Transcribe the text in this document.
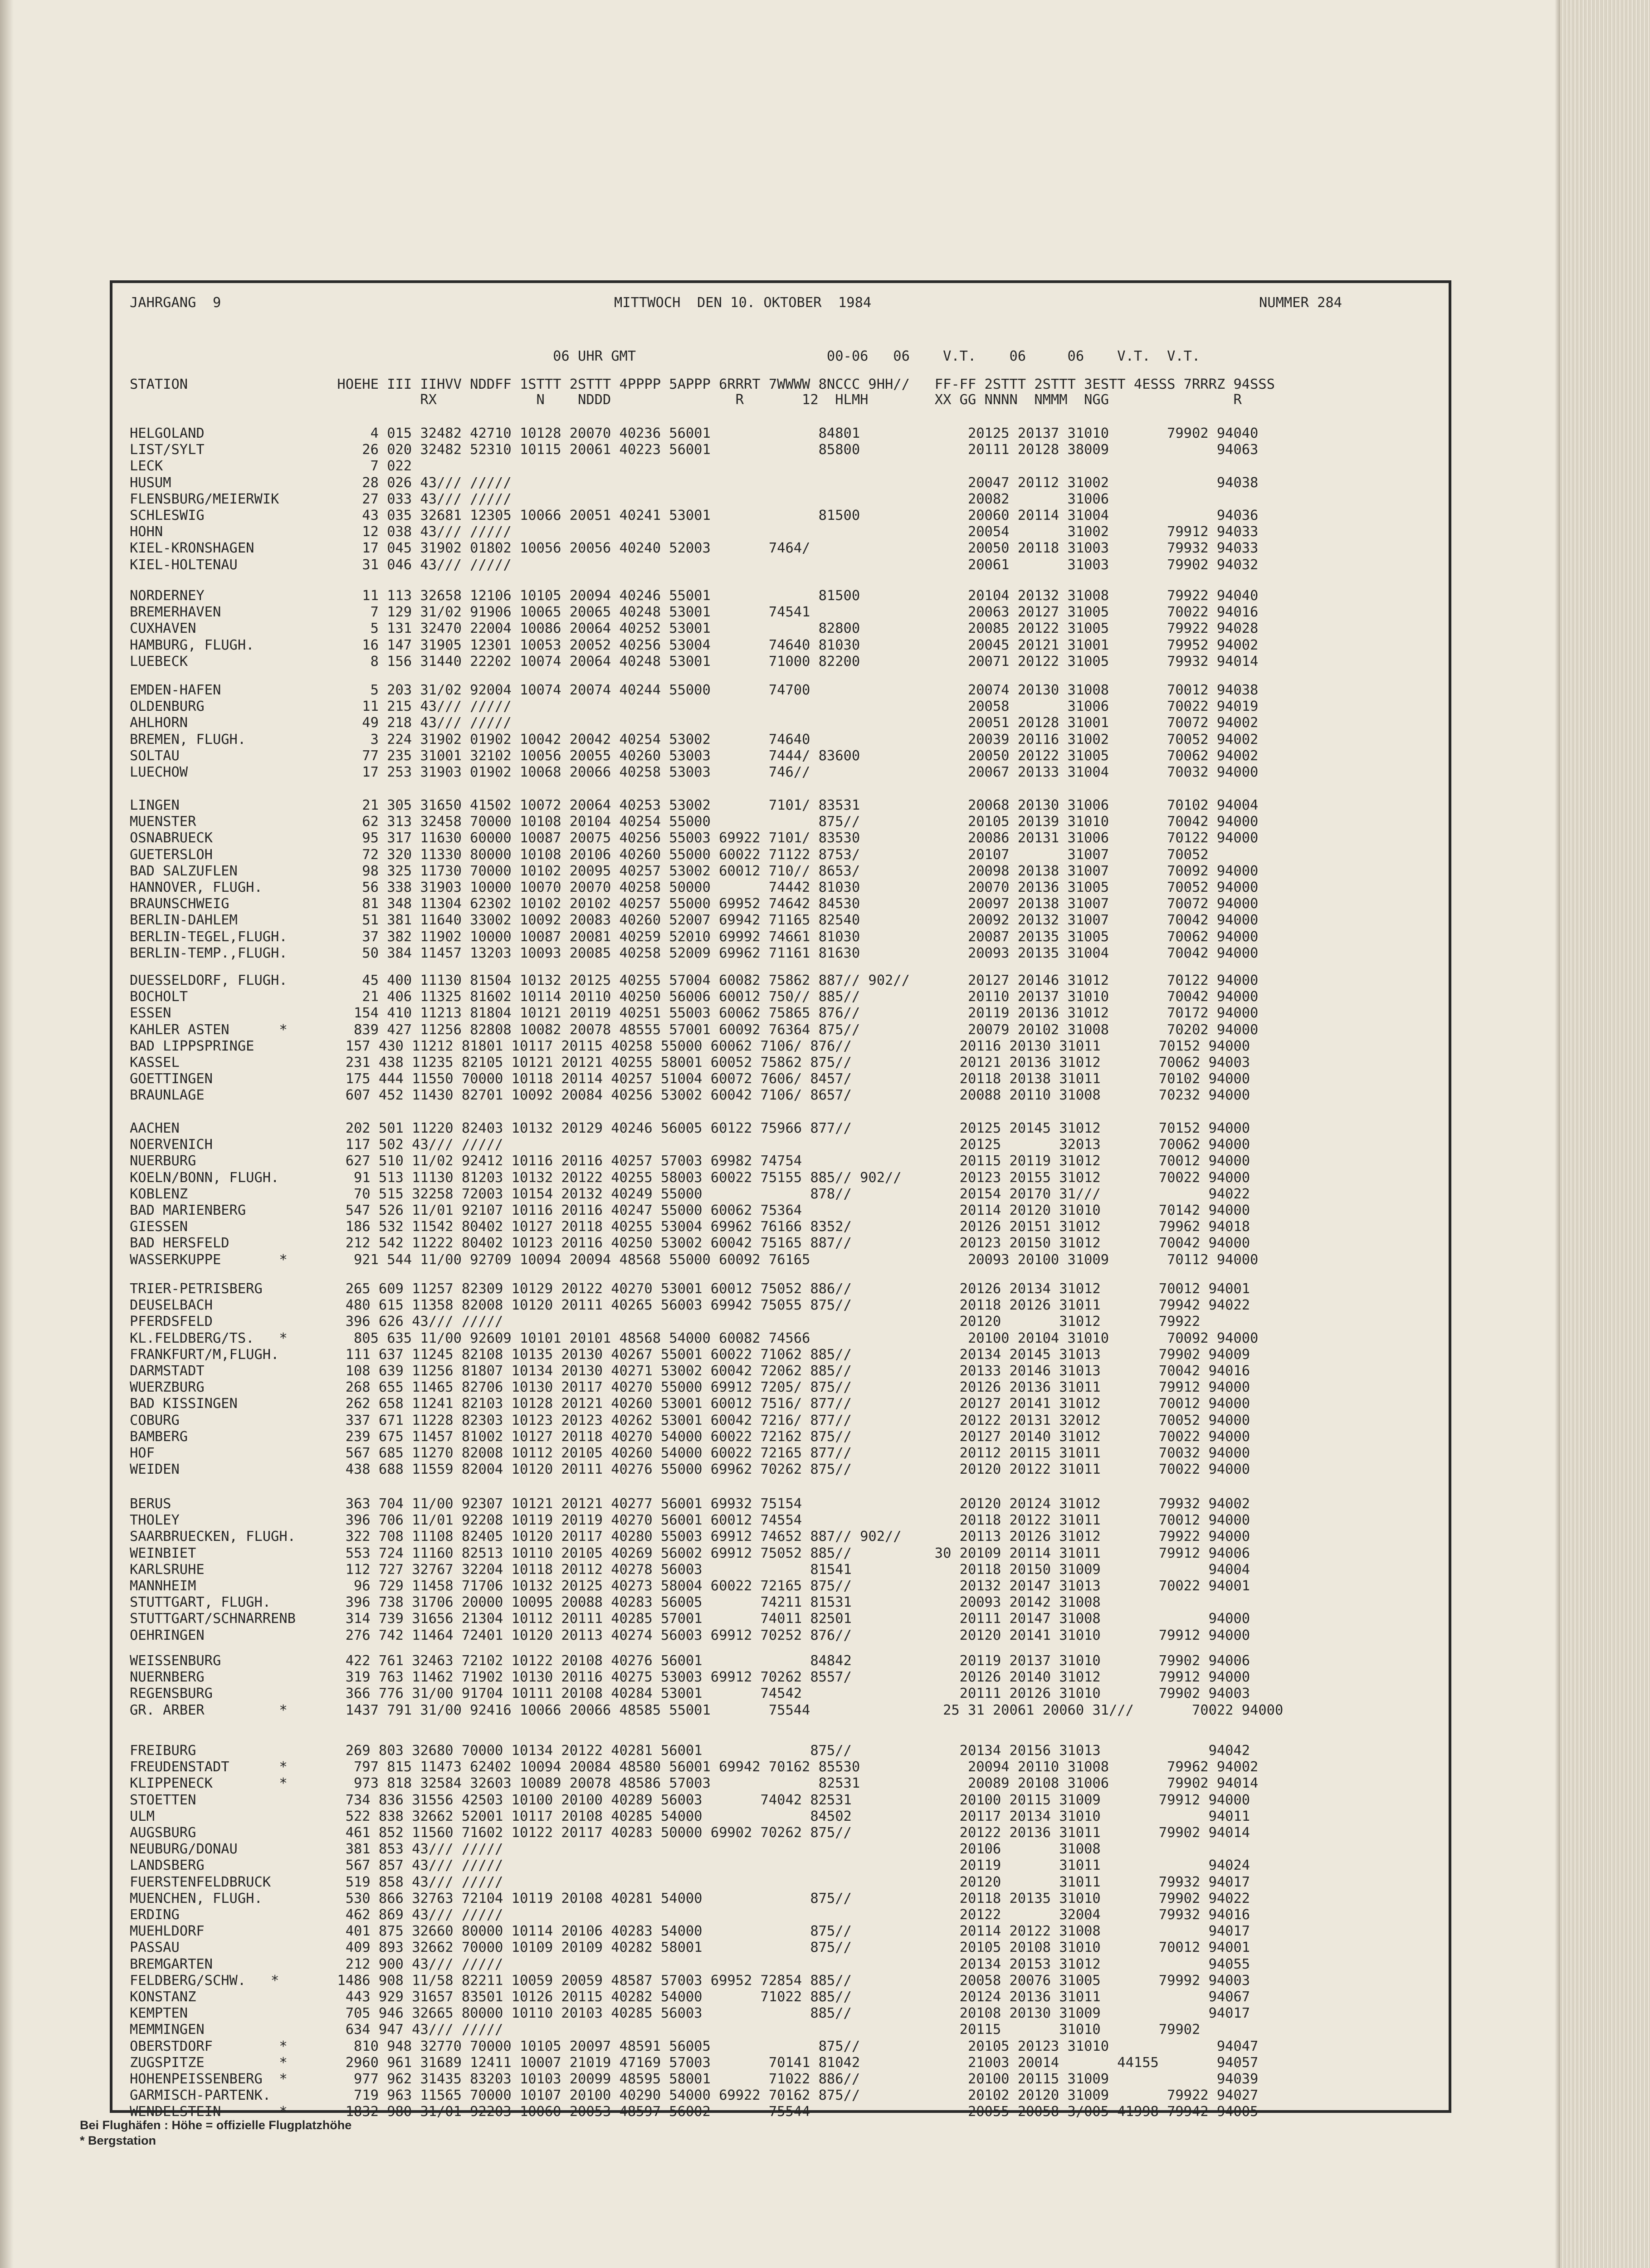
JAHRGANG  9	MITTWOCH  DEN 10. OKTOBER  1984	NUMMER 284
06 UHR GMT                       00-06   06    V.T.    06     06    V.T.  V.T.
STATION                  HOEHE III IIHVV NDDFF 1STTT 2STTT 4PPPP 5APPP 6RRRT 7WWWW 8NCCC 9HH//   FF-FF 2STTT 2STTT 3ESTT 4ESSS 7RRRZ 94SSS
RX            N    NDDD               R       12  HLMH        XX GG NNNN  NMMM  NGG               R
HELGOLAND                    4 015 32482 42710 10128 20070 40236 56001             84801             20125 20137 31010       79902 94040
LIST/SYLT                   26 020 32482 52310 10115 20061 40223 56001             85800             20111 20128 38009             94063
LECK                         7 022
HUSUM                       28 026 43/// /////                                                       20047 20112 31002             94038
FLENSBURG/MEIERWIK          27 033 43/// /////                                                       20082       31006
SCHLESWIG                   43 035 32681 12305 10066 20051 40241 53001             81500             20060 20114 31004             94036
HOHN                        12 038 43/// /////                                                       20054       31002       79912 94033
KIEL-KRONSHAGEN             17 045 31902 01802 10056 20056 40240 52003       7464/                   20050 20118 31003       79932 94033
KIEL-HOLTENAU               31 046 43/// /////                                                       20061       31003       79902 94032
NORDERNEY                   11 113 32658 12106 10105 20094 40246 55001             81500             20104 20132 31008       79922 94040
BREMERHAVEN                  7 129 31/02 91906 10065 20065 40248 53001       74541                   20063 20127 31005       70022 94016
CUXHAVEN                     5 131 32470 22004 10086 20064 40252 53001             82800             20085 20122 31005       79922 94028
HAMBURG, FLUGH.             16 147 31905 12301 10053 20052 40256 53004       74640 81030             20045 20121 31001       79952 94002
LUEBECK                      8 156 31440 22202 10074 20064 40248 53001       71000 82200             20071 20122 31005       79932 94014
EMDEN-HAFEN                  5 203 31/02 92004 10074 20074 40244 55000       74700                   20074 20130 31008       70012 94038
OLDENBURG                   11 215 43/// /////                                                       20058       31006       70022 94019
AHLHORN                     49 218 43/// /////                                                       20051 20128 31001       70072 94002
BREMEN, FLUGH.               3 224 31902 01902 10042 20042 40254 53002       74640                   20039 20116 31002       70052 94002
SOLTAU                      77 235 31001 32102 10056 20055 40260 53003       7444/ 83600             20050 20122 31005       70062 94002
LUECHOW                     17 253 31903 01902 10068 20066 40258 53003       746//                   20067 20133 31004       70032 94000
LINGEN                      21 305 31650 41502 10072 20064 40253 53002       7101/ 83531             20068 20130 31006       70102 94004
MUENSTER                    62 313 32458 70000 10108 20104 40254 55000             875//             20105 20139 31010       70042 94000
OSNABRUECK                  95 317 11630 60000 10087 20075 40256 55003 69922 7101/ 83530             20086 20131 31006       70122 94000
GUETERSLOH                  72 320 11330 80000 10108 20106 40260 55000 60022 71122 8753/             20107       31007       70052
BAD SALZUFLEN               98 325 11730 70000 10102 20095 40257 53002 60012 710// 8653/             20098 20138 31007       70092 94000
HANNOVER, FLUGH.            56 338 31903 10000 10070 20070 40258 50000       74442 81030             20070 20136 31005       70052 94000
BRAUNSCHWEIG                81 348 11304 62302 10102 20102 40257 55000 69952 74642 84530             20097 20138 31007       70072 94000
BERLIN-DAHLEM               51 381 11640 33002 10092 20083 40260 52007 69942 71165 82540             20092 20132 31007       70042 94000
BERLIN-TEGEL,FLUGH.         37 382 11902 10000 10087 20081 40259 52010 69992 74661 81030             20087 20135 31005       70062 94000
BERLIN-TEMP.,FLUGH.         50 384 11457 13203 10093 20085 40258 52009 69962 71161 81630             20093 20135 31004       70042 94000
DUESSELDORF, FLUGH.         45 400 11130 81504 10132 20125 40255 57004 60082 75862 887// 902//       20127 20146 31012       70122 94000
BOCHOLT                     21 406 11325 81602 10114 20110 40250 56006 60012 750// 885//             20110 20137 31010       70042 94000
ESSEN                      154 410 11213 81804 10121 20119 40251 55003 60062 75865 876//             20119 20136 31012       70172 94000
KAHLER ASTEN      *        839 427 11256 82808 10082 20078 48555 57001 60092 76364 875//             20079 20102 31008       70202 94000
BAD LIPPSPRINGE           157 430 11212 81801 10117 20115 40258 55000 60062 7106/ 876//             20116 20130 31011       70152 94000
KASSEL                    231 438 11235 82105 10121 20121 40255 58001 60052 75862 875//             20121 20136 31012       70062 94003
GOETTINGEN                175 444 11550 70000 10118 20114 40257 51004 60072 7606/ 8457/             20118 20138 31011       70102 94000
BRAUNLAGE                 607 452 11430 82701 10092 20084 40256 53002 60042 7106/ 8657/             20088 20110 31008       70232 94000
AACHEN                    202 501 11220 82403 10132 20129 40246 56005 60122 75966 877//             20125 20145 31012       70152 94000
NOERVENICH                117 502 43/// /////                                                       20125       32013       70062 94000
NUERBURG                  627 510 11/02 92412 10116 20116 40257 57003 69982 74754                   20115 20119 31012       70012 94000
KOELN/BONN, FLUGH.         91 513 11130 81203 10132 20122 40255 58003 60022 75155 885// 902//       20123 20155 31012       70022 94000
KOBLENZ                    70 515 32258 72003 10154 20132 40249 55000             878//             20154 20170 31///             94022
BAD MARIENBERG            547 526 11/01 92107 10116 20116 40247 55000 60062 75364                   20114 20120 31010       70142 94000
GIESSEN                   186 532 11542 80402 10127 20118 40255 53004 69962 76166 8352/             20126 20151 31012       79962 94018
BAD HERSFELD              212 542 11222 80402 10123 20116 40250 53002 60042 75165 887//             20123 20150 31012       70042 94000
WASSERKUPPE       *        921 544 11/00 92709 10094 20094 48568 55000 60092 76165                   20093 20100 31009       70112 94000
TRIER-PETRISBERG          265 609 11257 82309 10129 20122 40270 53001 60012 75052 886//             20126 20134 31012       70012 94001
DEUSELBACH                480 615 11358 82008 10120 20111 40265 56003 69942 75055 875//             20118 20126 31011       79942 94022
PFERDSFELD                396 626 43/// /////                                                       20120       31012       79922
KL.FELDBERG/TS.   *        805 635 11/00 92609 10101 20101 48568 54000 60082 74566                   20100 20104 31010       70092 94000
FRANKFURT/M,FLUGH.        111 637 11245 82108 10135 20130 40267 55001 60022 71062 885//             20134 20145 31013       79902 94009
DARMSTADT                 108 639 11256 81807 10134 20130 40271 53002 60042 72062 885//             20133 20146 31013       70042 94016
WUERZBURG                 268 655 11465 82706 10130 20117 40270 55000 69912 7205/ 875//             20126 20136 31011       79912 94000
BAD KISSINGEN             262 658 11241 82103 10128 20121 40260 53001 60012 7516/ 877//             20127 20141 31012       70012 94000
COBURG                    337 671 11228 82303 10123 20123 40262 53001 60042 7216/ 877//             20122 20131 32012       70052 94000
BAMBERG                   239 675 11457 81002 10127 20118 40270 54000 60022 72162 875//             20127 20140 31012       70022 94000
HOF                       567 685 11270 82008 10112 20105 40260 54000 60022 72165 877//             20112 20115 31011       70032 94000
WEIDEN                    438 688 11559 82004 10120 20111 40276 55000 69962 70262 875//             20120 20122 31011       70022 94000
BERUS                     363 704 11/00 92307 10121 20121 40277 56001 69932 75154                   20120 20124 31012       79932 94002
THOLEY                    396 706 11/01 92208 10119 20119 40270 56001 60012 74554                   20118 20122 31011       70012 94000
SAARBRUECKEN, FLUGH.      322 708 11108 82405 10120 20117 40280 55003 69912 74652 887// 902//       20113 20126 31012       79922 94000
WEINBIET                  553 724 11160 82513 10110 20105 40269 56002 69912 75052 885//          30 20109 20114 31011       79912 94006
KARLSRUHE                 112 727 32767 32204 10118 20112 40278 56003             81541             20118 20150 31009             94004
MANNHEIM                   96 729 11458 71706 10132 20125 40273 58004 60022 72165 875//             20132 20147 31013       70022 94001
STUTTGART, FLUGH.         396 738 31706 20000 10095 20088 40283 56005       74211 81531             20093 20142 31008
STUTTGART/SCHNARRENB      314 739 31656 21304 10112 20111 40285 57001       74011 82501             20111 20147 31008             94000
OEHRINGEN                 276 742 11464 72401 10120 20113 40274 56003 69912 70252 876//             20120 20141 31010       79912 94000
WEISSENBURG               422 761 32463 72102 10122 20108 40276 56001             84842             20119 20137 31010       79902 94006
NUERNBERG                 319 763 11462 71902 10130 20116 40275 53003 69912 70262 8557/             20126 20140 31012       79912 94000
REGENSBURG                366 776 31/00 91704 10111 20108 40284 53001       74542                   20111 20126 31010       79902 94003
GR. ARBER         *       1437 791 31/00 92416 10066 20066 48585 55001       75544                25 31 20061 20060 31///       70022 94000
FREIBURG                  269 803 32680 70000 10134 20122 40281 56001             875//             20134 20156 31013             94042
FREUDENSTADT      *        797 815 11473 62402 10094 20084 48580 56001 69942 70162 85530             20094 20110 31008       79962 94002
KLIPPENECK        *        973 818 32584 32603 10089 20078 48586 57003             82531             20089 20108 31006       79902 94014
STOETTEN                  734 836 31556 42503 10100 20100 40289 56003       74042 82531             20100 20115 31009       79912 94000
ULM                       522 838 32662 52001 10117 20108 40285 54000             84502             20117 20134 31010             94011
AUGSBURG                  461 852 11560 71602 10122 20117 40283 50000 69902 70262 875//             20122 20136 31011       79902 94014
NEUBURG/DONAU             381 853 43/// /////                                                       20106       31008
LANDSBERG                 567 857 43/// /////                                                       20119       31011             94024
FUERSTENFELDBRUCK         519 858 43/// /////                                                       20120       31011       79932 94017
MUENCHEN, FLUGH.          530 866 32763 72104 10119 20108 40281 54000             875//             20118 20135 31010       79902 94022
ERDING                    462 869 43/// /////                                                       20122       32004       79932 94016
MUEHLDORF                 401 875 32660 80000 10114 20106 40283 54000             875//             20114 20122 31008             94017
PASSAU                    409 893 32662 70000 10109 20109 40282 58001             875//             20105 20108 31010       70012 94001
BREMGARTEN                212 900 43/// /////                                                       20134 20153 31012             94055
FELDBERG/SCHW.   *       1486 908 11/58 82211 10059 20059 48587 57003 69952 72854 885//             20058 20076 31005       79992 94003
KONSTANZ                  443 929 31657 83501 10126 20115 40282 54000       71022 885//             20124 20136 31011             94067
KEMPTEN                   705 946 32665 80000 10110 20103 40285 56003             885//             20108 20130 31009             94017
MEMMINGEN                 634 947 43/// /////                                                       20115       31010       79902
OBERSTDORF        *        810 948 32770 70000 10105 20097 48591 56005             875//             20105 20123 31010             94047
ZUGSPITZE         *       2960 961 31689 12411 10007 21019 47169 57003       70141 81042             21003 20014       44155       94057
HOHENPEISSENBERG  *        977 962 31435 83203 10103 20099 48595 58001       71022 886//             20100 20115 31009             94039
GARMISCH-PARTENK.          719 963 11565 70000 10107 20100 40290 54000 69922 70162 875//             20102 20120 31009       79922 94027
WENDELSTEIN       *       1832 980 31/01 92203 10060 20053 48597 56002       75544                   20055 20058 3/005 41998 79942 94005
Bei Flughäfen : Höhe = offizielle Flugplatzhöhe
* Bergstation
